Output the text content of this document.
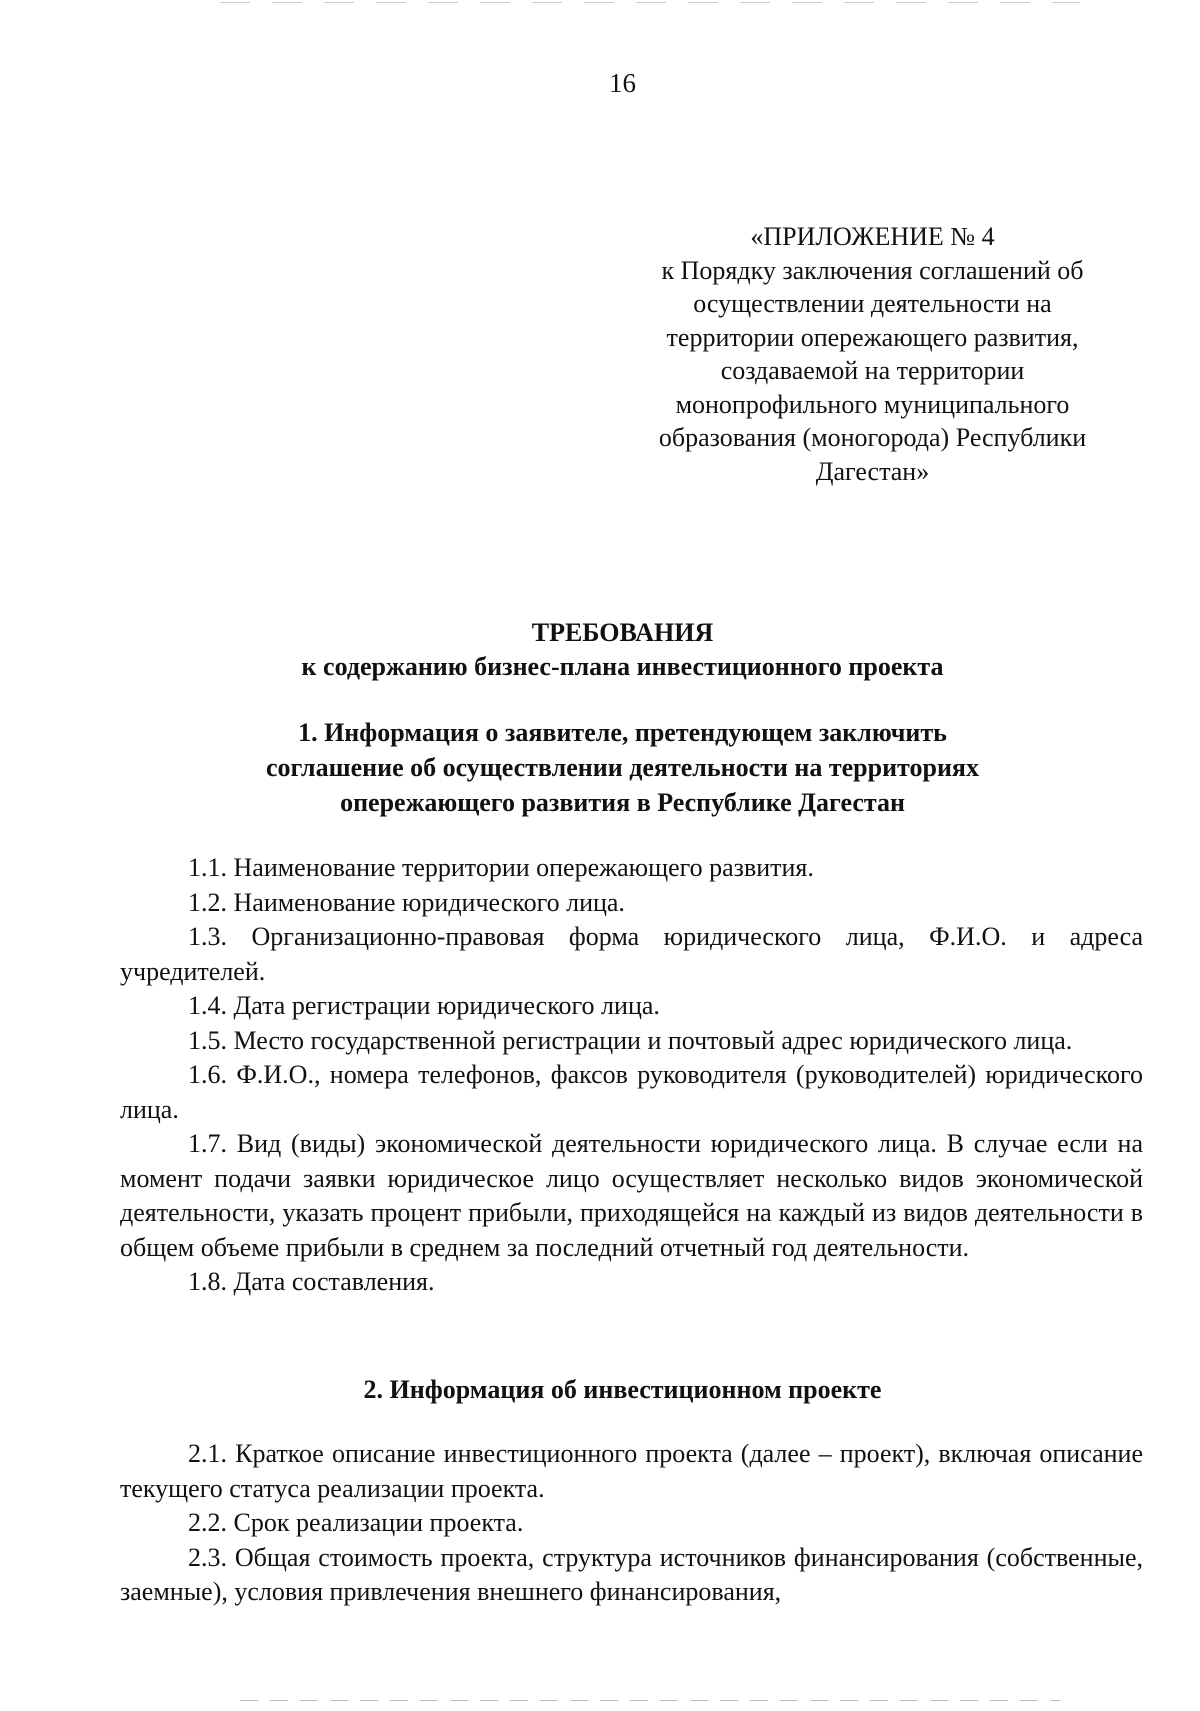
16
«ПРИЛОЖЕНИЕ № 4
к Порядку заключения соглашений об
осуществлении деятельности на
территории опережающего развития,
создаваемой на территории
монопрофильного муниципального
образования (моногорода) Республики
Дагестан»
ТРЕБОВАНИЯ
к содержанию бизнес-плана инвестиционного проекта
1. Информация о заявителе, претендующем заключить
соглашение об осуществлении деятельности на территориях
опережающего развития в Республике Дагестан

1.1. Наименование территории опережающего развития.

1.2. Наименование юридического лица.

1.3. Организационно-правовая форма юридического лица, Ф.И.О. и адреса учредителей.

1.4. Дата регистрации юридического лица.

1.5. Место государственной регистрации и почтовый адрес юридического лица.

1.6. Ф.И.О., номера телефонов, факсов руководителя (руководителей) юридического лица.

1.7. Вид (виды) экономической деятельности юридического лица. В случае если на момент подачи заявки юридическое лицо осуществляет несколько видов экономической деятельности, указать процент прибыли, приходящейся на каждый из видов деятельности в общем объеме прибыли в среднем за последний отчетный год деятельности.

1.8. Дата составления.

2. Информация об инвестиционном проекте

2.1. Краткое описание инвестиционного проекта (далее – проект), включая описание текущего статуса реализации проекта.

2.2. Срок реализации проекта.

2.3. Общая стоимость проекта, структура источников финансирования (собственные, заемные), условия привлечения внешнего финансирования,
